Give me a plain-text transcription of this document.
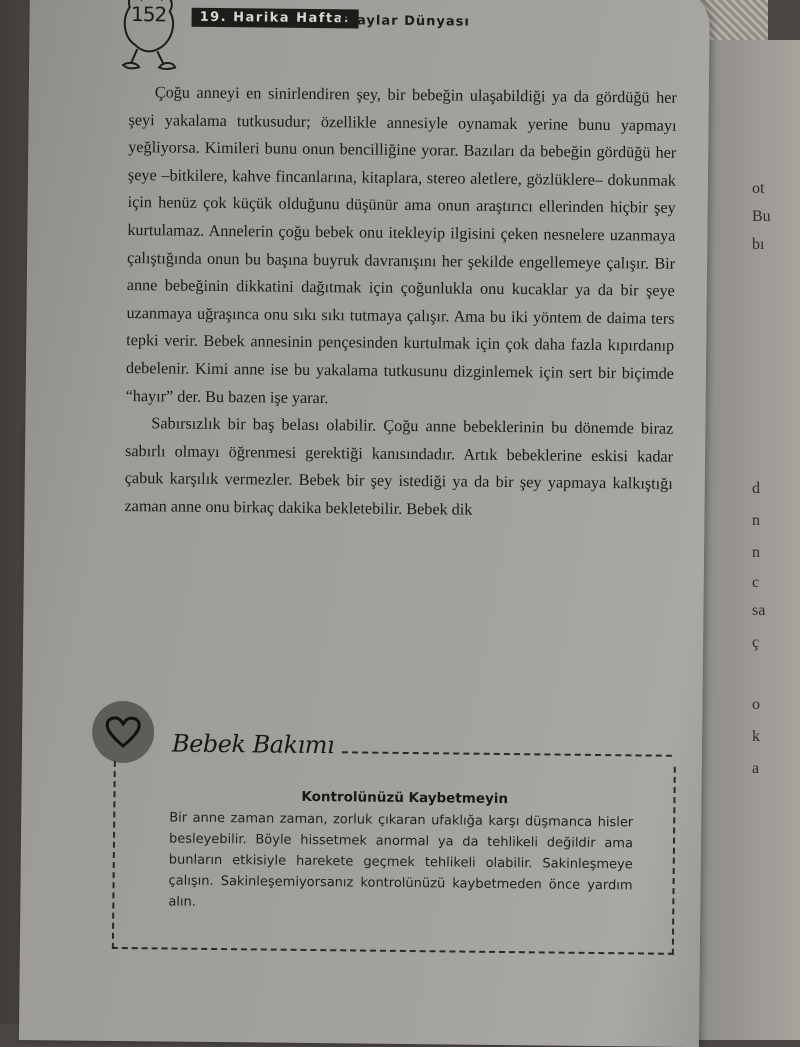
ot
Bu
bı
d
n
n
c
sa
ç
o
k
a
152	19. Harika Hafta:
Olaylar Dünyası

Çoğu anneyi en sinirlendiren şey, bir bebeğin ulaşabildiği ya da gördüğü her şeyi yakalama tutkusudur; özellikle annesiyle oynamak yerine bunu yapmayı yeğliyorsa. Kimileri bunu onun bencilliğine yorar. Bazıları da bebeğin gördüğü her şeye –bitkilere, kahve fincanlarına, kitaplara, stereo aletlere, gözlüklere– dokunmak için henüz çok küçük olduğunu düşünür ama onun araştırıcı ellerinden hiçbir şey kurtulamaz. Annelerin çoğu bebek onu itekleyip ilgisini çeken nesnelere uzanmaya çalıştığında onun bu başına buyruk davranışını her şekilde engellemeye çalışır. Bir anne bebeğinin dikkatini dağıtmak için çoğunlukla onu kucaklar ya da bir şeye uzanmaya uğraşınca onu sıkı sıkı tutmaya çalışır. Ama bu iki yöntem de daima ters tepki verir. Bebek annesinin pençesinden kurtulmak için çok daha fazla kıpırdanıp debelenir. Kimi anne ise bu yakalama tutkusunu dizginlemek için sert bir biçimde “hayır” der. Bu bazen işe yarar.

Sabırsızlık bir baş belası olabilir. Çoğu anne bebeklerinin bu dönemde biraz sabırlı olmayı öğrenmesi gerektiği kanısındadır. Artık bebeklerine eskisi kadar çabuk karşılık vermezler. Bebek bir şey istediği ya da bir şey yapmaya kalkıştığı zaman anne onu birkaç dakika bekletebilir. Bebek dik

Bebek Bakımı
Kontrolünüzü Kaybetmeyin
Bir anne zaman zaman, zorluk çıkaran ufaklığa karşı düşmanca hisler besleyebilir. Böyle hissetmek anormal ya da tehlikeli değildir ama bunların etkisiyle harekete geçmek tehlikeli olabilir. Sakinleşmeye çalışın. Sakinleşemiyorsanız kontrolünüzü kaybetmeden önce yardım alın.
